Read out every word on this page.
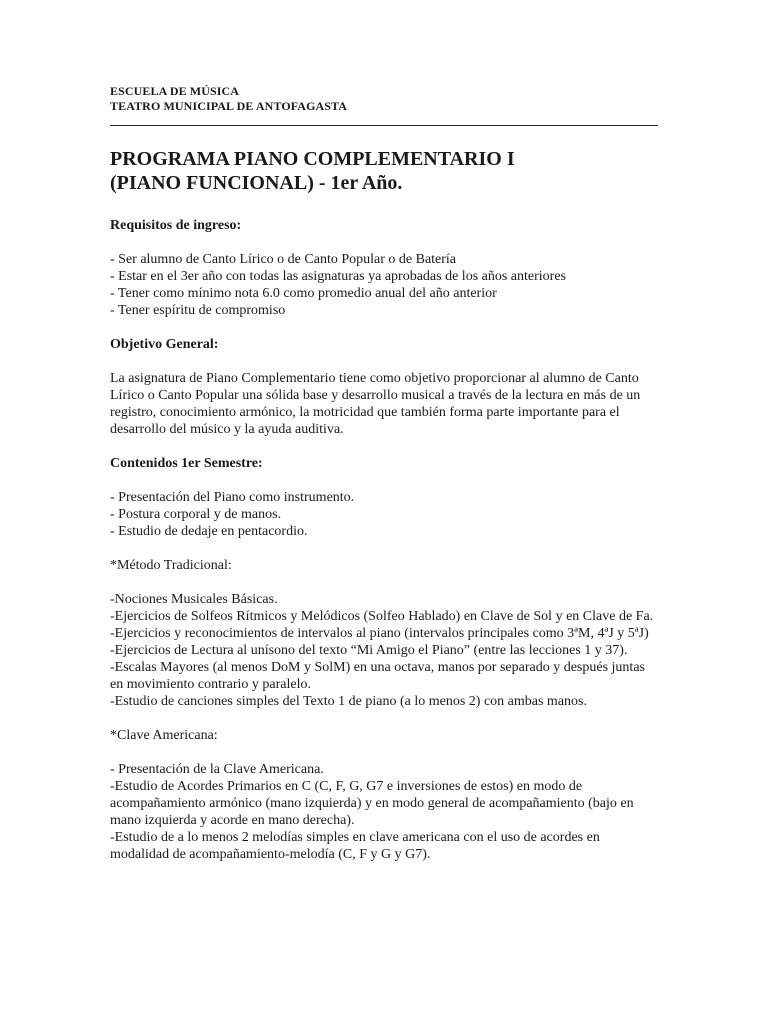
ESCUELA DE MÚSICA
TEATRO MUNICIPAL DE ANTOFAGASTA
PROGRAMA PIANO COMPLEMENTARIO I
(PIANO FUNCIONAL) - 1er Año.
Requisitos de ingreso:
- Ser alumno de Canto Lírico o de Canto Popular o de Batería
- Estar en el 3er año con todas las asignaturas ya aprobadas de los años anteriores
- Tener como mínimo nota 6.0 como promedio anual del año anterior
- Tener espíritu de compromiso
Objetivo General:

La asignatura de Piano Complementario tiene como objetivo proporcionar al alumno de Canto Lírico o Canto Popular una sólida base y desarrollo musical a través de la lectura en más de un registro, conocimiento armónico, la motricidad que también forma parte importante para el desarrollo del músico y la ayuda auditiva.

Contenidos 1er Semestre:
- Presentación del Piano como instrumento.
- Postura corporal y de manos.
- Estudio de dedaje en pentacordio.
*Método Tradicional:
-Nociones Musicales Básicas.
-Ejercicios de Solfeos Rítmicos y Melódicos (Solfeo Hablado) en Clave de Sol y en Clave de Fa.
-Ejercicios y reconocimientos de intervalos al piano (intervalos principales como 3ªM, 4ªJ y 5ªJ)
-Ejercicios de Lectura al unísono del texto “Mi Amigo el Piano” (entre las lecciones 1 y 37).
-Escalas Mayores (al menos DoM y SolM) en una octava, manos por separado y después juntas en movimiento contrario y paralelo.
-Estudio de canciones simples del Texto 1 de piano (a lo menos 2) con ambas manos.
*Clave Americana:
- Presentación de la Clave Americana.
-Estudio de Acordes Primarios en C (C, F, G, G7 e inversiones de estos) en modo de acompañamiento armónico (mano izquierda) y en modo general de acompañamiento (bajo en mano izquierda y acorde en mano derecha).
-Estudio de a lo menos 2 melodías simples en clave americana con el uso de acordes en modalidad de acompañamiento-melodía (C, F y G y G7).
